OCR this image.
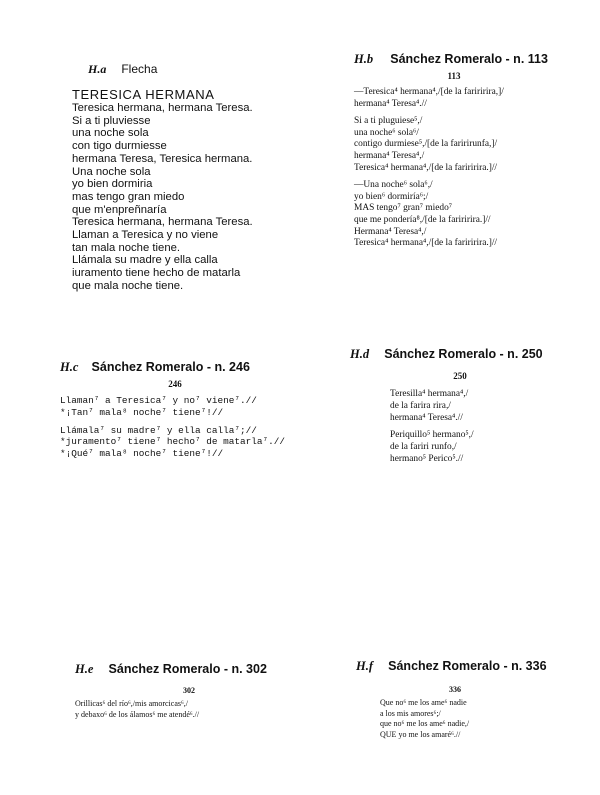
H.a Flecha
TERESICA HERMANA
Teresica hermana, hermana Teresa.
Si a ti pluviesse
una noche sola
con tigo durmiesse
hermana Teresa, Teresica hermana.
Una noche sola
yo bien dormiria
mas tengo gran miedo
que m'enpreñnaría
Teresica hermana, hermana Teresa.
Llaman a Teresica y no viene
tan mala noche tiene.
Llámala su madre y ella calla
iuramento tiene hecho de matarla
que mala noche tiene.
H.b Sánchez Romeralo - n. 113
113
—Teresica⁴ hermana⁴,/[de la fariririra,]/
hermana⁴ Teresa⁴.//
Si a ti pluguiese⁵,/
una noche⁶ sola⁶/
contigo durmiese⁵,/[de la faririrunfa,]/
hermana⁴ Teresa⁴,/
Teresica⁴ hermana⁴,/[de la fariririra.]//
—Una noche⁶ sola⁶,/
yo bien⁶ dormiría⁶;/
MAS tengo⁷ gran⁷ miedo⁷
que me pondería⁸,/[de la fariririra.]//
Hermana⁴ Teresa⁴,/
Teresica⁴ hermana⁴,/[de la fariririra.]//
H.c Sánchez Romeralo - n. 246
246
Llaman⁷ a Teresica⁷ y no⁷ viene⁷.//
*¡Tan⁷ mala⁸ noche⁷ tiene⁷!//
Llámala⁷ su madre⁷ y ella calla⁷;//
*juramento⁷ tiene⁷ hecho⁷ de matarla⁷.//
*¡Qué⁷ mala⁸ noche⁷ tiene⁷!//
H.d Sánchez Romeralo - n. 250
250
Teresilla⁴ hermana⁴,/
de la farira rira,/
hermana⁴ Teresa⁴.//
Periquillo⁵ hermano⁵,/
de la fariri runfo,/
hermano⁵ Perico⁵.//
H.e Sánchez Romeralo - n. 302
302
Orillicas⁶ del río⁶,/mis amorcicas⁶,/
y debaxo⁶ de los álamos⁶ me atendé⁶.//
H.f Sánchez Romeralo - n. 336
336
Que no⁶ me los ame⁶ nadie
a los mis amores⁶;/
que no⁶ me los ame⁶ nadie,/
QUE yo me los amaré⁶.//
